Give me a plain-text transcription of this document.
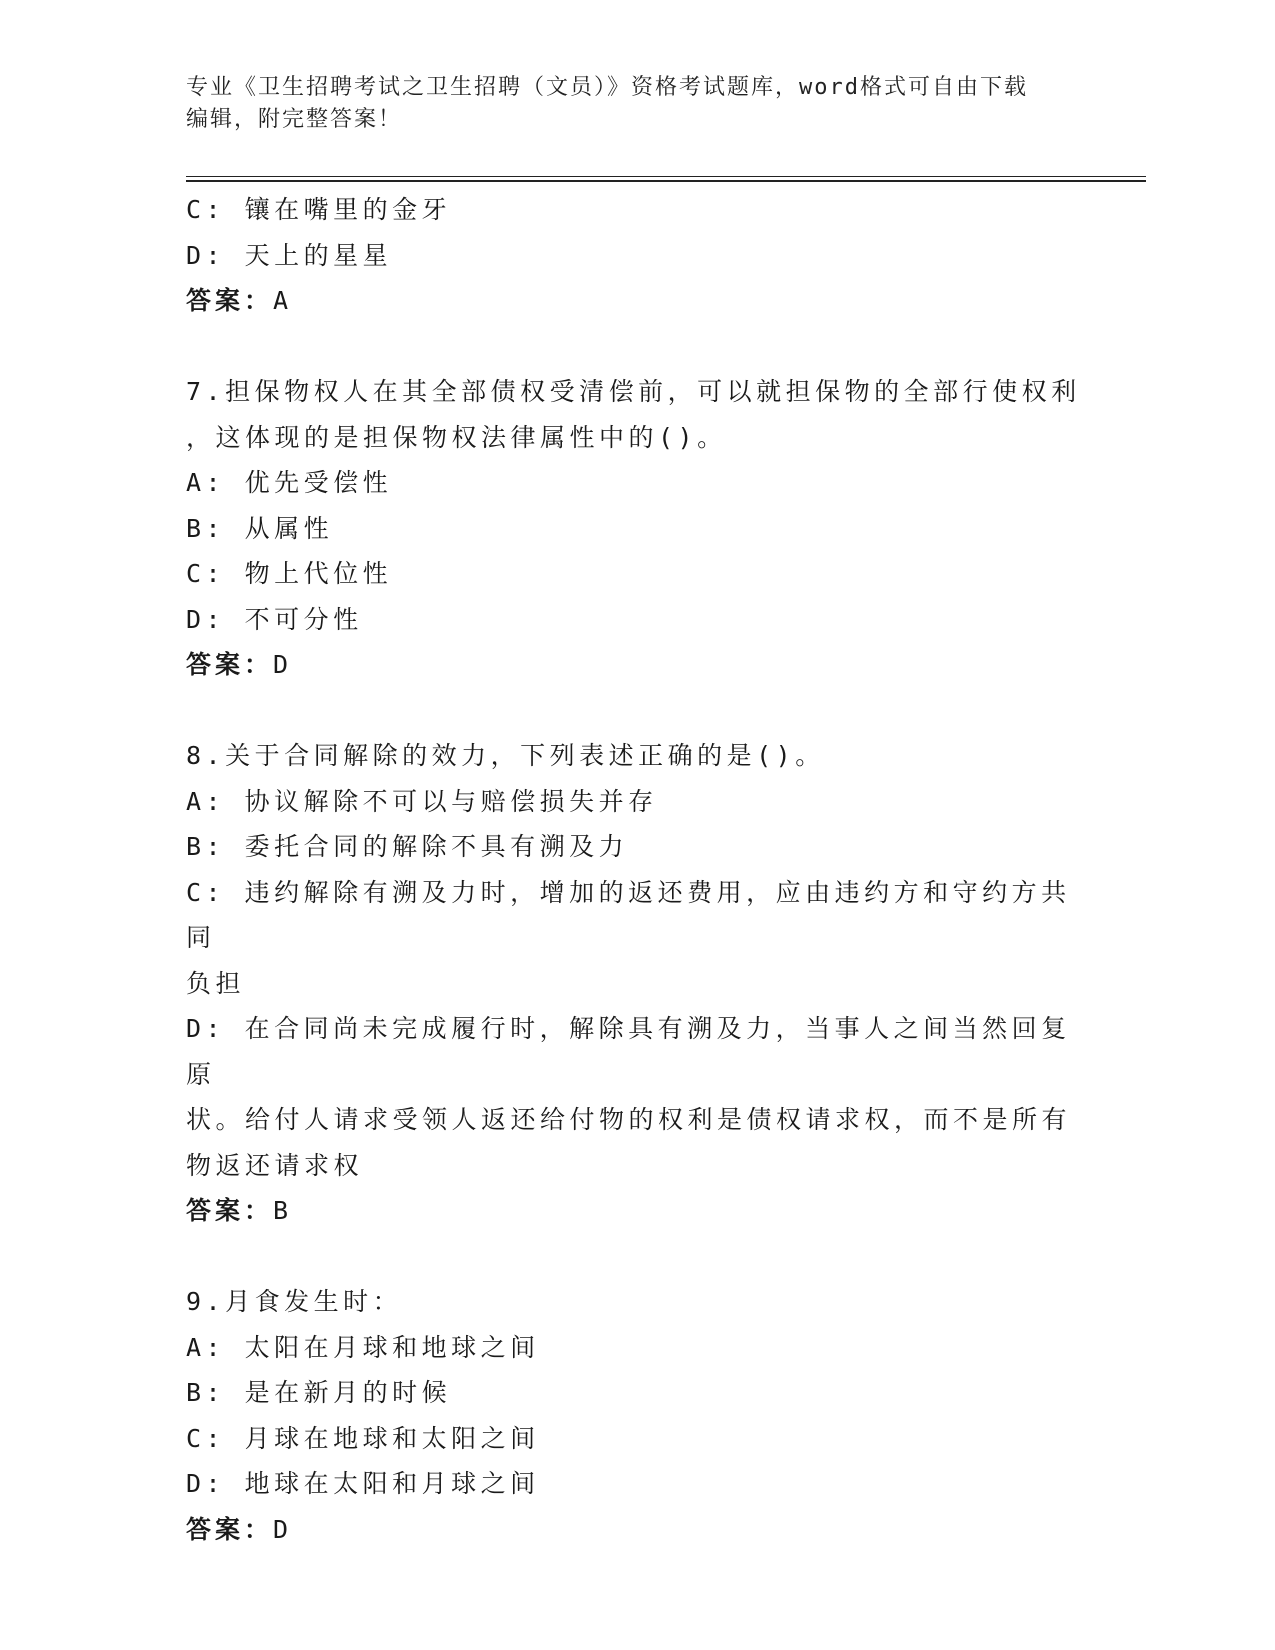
专业《卫生招聘考试之卫生招聘（文员）》资格考试题库，word格式可自由下载
编辑，附完整答案！

C: 镶在嘴里的金牙

D: 天上的星星

答案：A

7.担保物权人在其全部债权受清偿前，可以就担保物的全部行使权利

，这体现的是担保物权法律属性中的()。

A: 优先受偿性

B: 从属性

C: 物上代位性

D: 不可分性

答案：D

8.关于合同解除的效力，下列表述正确的是()。

A: 协议解除不可以与赔偿损失并存

B: 委托合同的解除不具有溯及力

C: 违约解除有溯及力时，增加的返还费用，应由违约方和守约方共同

负担

D: 在合同尚未完成履行时，解除具有溯及力，当事人之间当然回复原

状。给付人请求受领人返还给付物的权利是债权请求权，而不是所有

物返还请求权

答案：B

9.月食发生时：

A: 太阳在月球和地球之间

B: 是在新月的时候

C: 月球在地球和太阳之间

D: 地球在太阳和月球之间

答案：D
